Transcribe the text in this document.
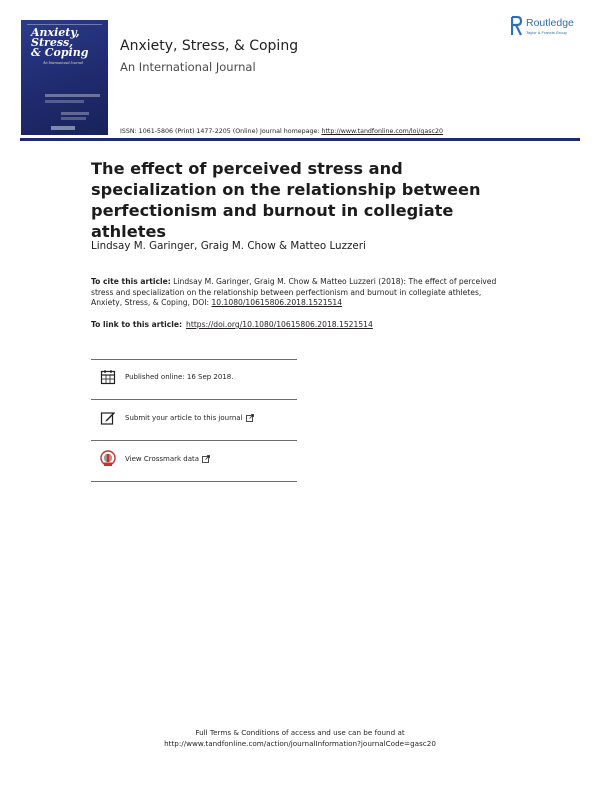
Anxiety,
Stress,
& Coping
An International Journal
Anxiety, Stress, & Coping
An International Journal
Routledge
Taylor & Francis Group
ISSN: 1061-5806 (Print) 1477-2205 (Online) Journal homepage: http://www.tandfonline.com/loi/gasc20
The effect of perceived stress and specialization on the relationship between perfectionism and burnout in collegiate athletes
Lindsay M. Garinger, Graig M. Chow & Matteo Luzzeri
To cite this article: Lindsay M. Garinger, Graig M. Chow & Matteo Luzzeri (2018): The effect of perceived stress and specialization on the relationship between perfectionism and burnout in collegiate athletes, Anxiety, Stress, & Coping, DOI: 10.1080/10615806.2018.1521514
To link to this article: https://doi.org/10.1080/10615806.2018.1521514
Published online: 16 Sep 2018.
Submit your article to this journal
View Crossmark data
Full Terms & Conditions of access and use can be found at
http://www.tandfonline.com/action/journalInformation?journalCode=gasc20
